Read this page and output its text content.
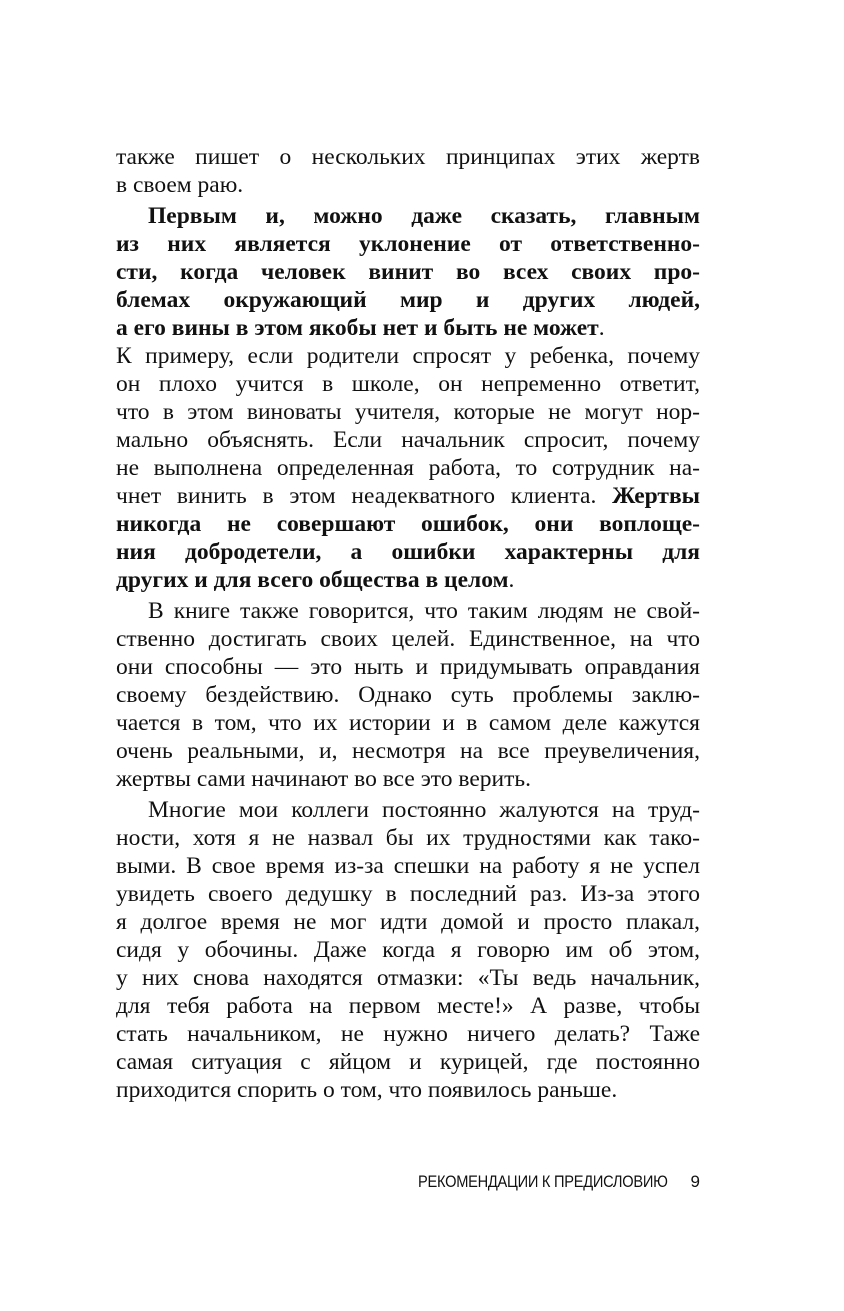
также пишет о нескольких принципах этих жертв
в своем раю.
Первым и, можно даже сказать, главным
из них является уклонение от ответственно-
сти, когда человек винит во всех своих про-
блемах окружающий мир и других людей,
а его вины в этом якобы нет и быть не может.
К примеру, если родители спросят у ребенка, почему
он плохо учится в школе, он непременно ответит,
что в этом виноваты учителя, которые не могут нор-
мально объяснять. Если начальник спросит, почему
не выполнена определенная работа, то сотрудник на-
чнет винить в этом неадекватного клиента. Жертвы
никогда не совершают ошибок, они воплоще-
ния добродетели, а ошибки характерны для
других и для всего общества в целом.
В книге также говорится, что таким людям не свой-
ственно достигать своих целей. Единственное, на что
они способны — это ныть и придумывать оправдания
своему бездействию. Однако суть проблемы заклю-
чается в том, что их истории и в самом деле кажутся
очень реальными, и, несмотря на все преувеличения,
жертвы сами начинают во все это верить.
Многие мои коллеги постоянно жалуются на труд-
ности, хотя я не назвал бы их трудностями как тако-
выми. В свое время из-за спешки на работу я не успел
увидеть своего дедушку в последний раз. Из-за этого
я долгое время не мог идти домой и просто плакал,
сидя у обочины. Даже когда я говорю им об этом,
у них снова находятся отмазки: «Ты ведь начальник,
для тебя работа на первом месте!» А разве, чтобы
стать начальником, не нужно ничего делать? Таже
самая ситуация с яйцом и курицей, где постоянно
приходится спорить о том, что появилось раньше.
РЕКОМЕНДАЦИИ К ПРЕДИСЛОВИЮ 9
